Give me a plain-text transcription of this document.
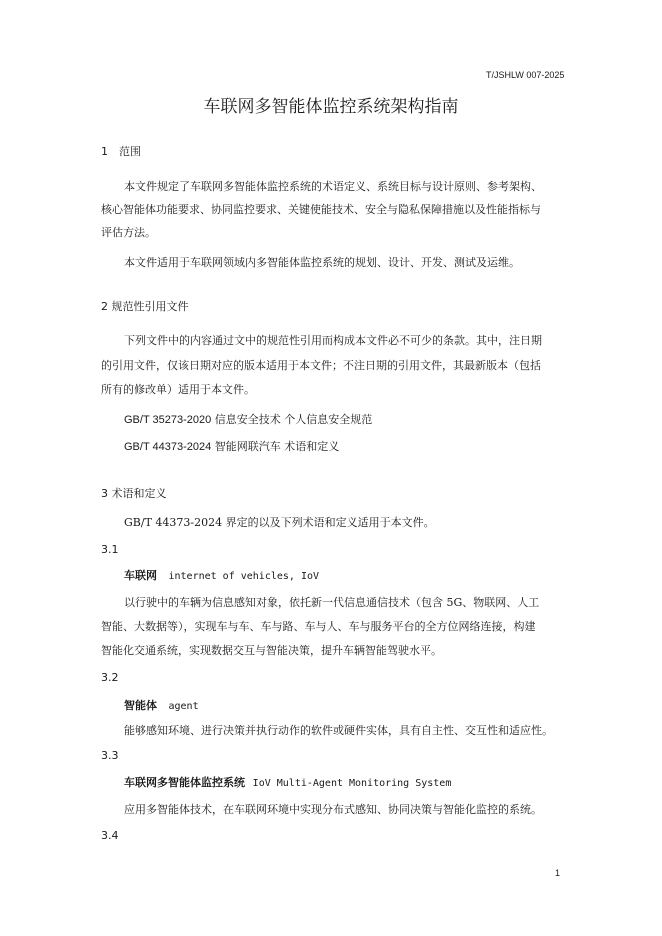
T/JSHLW 007-2025
车联网多智能体监控系统架构指南
1　范围
本文件规定了车联网多智能体监控系统的术语定义、系统目标与设计原则、参考架构、
核心智能体功能要求、协同监控要求、关键使能技术、安全与隐私保障措施以及性能指标与
评估方法。
本文件适用于车联网领域内多智能体监控系统的规划、设计、开发、测试及运维。
2 规范性引用文件
下列文件中的内容通过文中的规范性引用而构成本文件必不可少的条款。其中，注日期
的引用文件，仅该日期对应的版本适用于本文件；不注日期的引用文件，其最新版本（包括
所有的修改单）适用于本文件。
GB/T 35273-2020 信息安全技术 个人信息安全规范
GB/T 44373-2024 智能网联汽车 术语和定义
3 术语和定义
GB/T 44373-2024 界定的以及下列术语和定义适用于本文件。
3.1
车联网 internet of vehicles, IoV
以行驶中的车辆为信息感知对象，依托新一代信息通信技术（包含 5G、物联网、人工
智能、大数据等），实现车与车、车与路、车与人、车与服务平台的全方位网络连接，构建
智能化交通系统，实现数据交互与智能决策，提升车辆智能驾驶水平。
3.2
智能体 agent
能够感知环境、进行决策并执行动作的软件或硬件实体，具有自主性、交互性和适应性。
3.3
车联网多智能体监控系统 IoV Multi-Agent Monitoring System
应用多智能体技术，在车联网环境中实现分布式感知、协同决策与智能化监控的系统。
3.4
1
